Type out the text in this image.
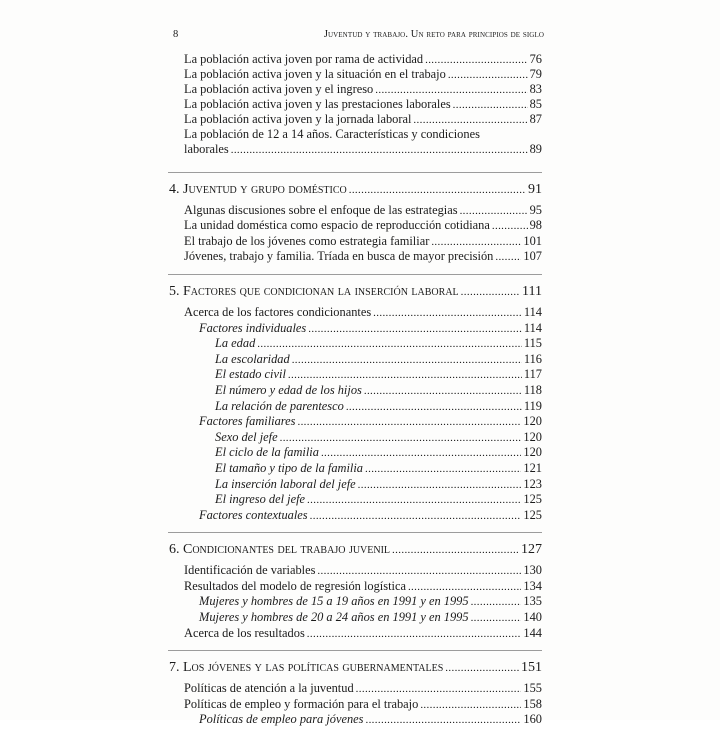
8	Juventud y trabajo. Un reto para principios de siglo
La población activa joven por rama de actividad . . .	76
La población activa joven y la situación en el trabajo . . .	79
La población activa joven y el ingreso . . .	83
La población activa joven y las prestaciones laborales . . .	85
La población activa joven y la jornada laboral . . .	87
La población de 12 a 14 años. Características y condiciones
laborales . . .	89
4. Juventud y grupo doméstico . . .	91
Algunas discusiones sobre el enfoque de las estrategias . . .	95
La unidad doméstica como espacio de reproducción cotidiana . . .	98
El trabajo de los jóvenes como estrategia familiar . . .	101
Jóvenes, trabajo y familia. Tríada en busca de mayor precisión . . . 107
5. Factores que condicionan la inserción laboral . . .	111
Acerca de los factores condicionantes . . .	114
Factores individuales . . .	114
La edad . . .	115
La escolaridad . . .	116
El estado civil . . .	117
El número y edad de los hijos . . .	118
La relación de parentesco . . .	119
Factores familiares . . .	120
Sexo del jefe . . .	120
El ciclo de la familia . . .	120
El tamaño y tipo de la familia . . .	121
La inserción laboral del jefe . . .	123
El ingreso del jefe . . .	125
Factores contextuales . . .	125
6. Condicionantes del trabajo juvenil . . .	127
Identificación de variables . . .	130
Resultados del modelo de regresión logística . . .	134
Mujeres y hombres de 15 a 19 años en 1991 y en 1995 . . .	135
Mujeres y hombres de 20 a 24 años en 1991 y en 1995 . . .	140
Acerca de los resultados . . .	144
7. Los jóvenes y las políticas gubernamentales . . .	151
Políticas de atención a la juventud . . .	155
Políticas de empleo y formación para el trabajo . . .	158
Políticas de empleo para jóvenes . . .	160
